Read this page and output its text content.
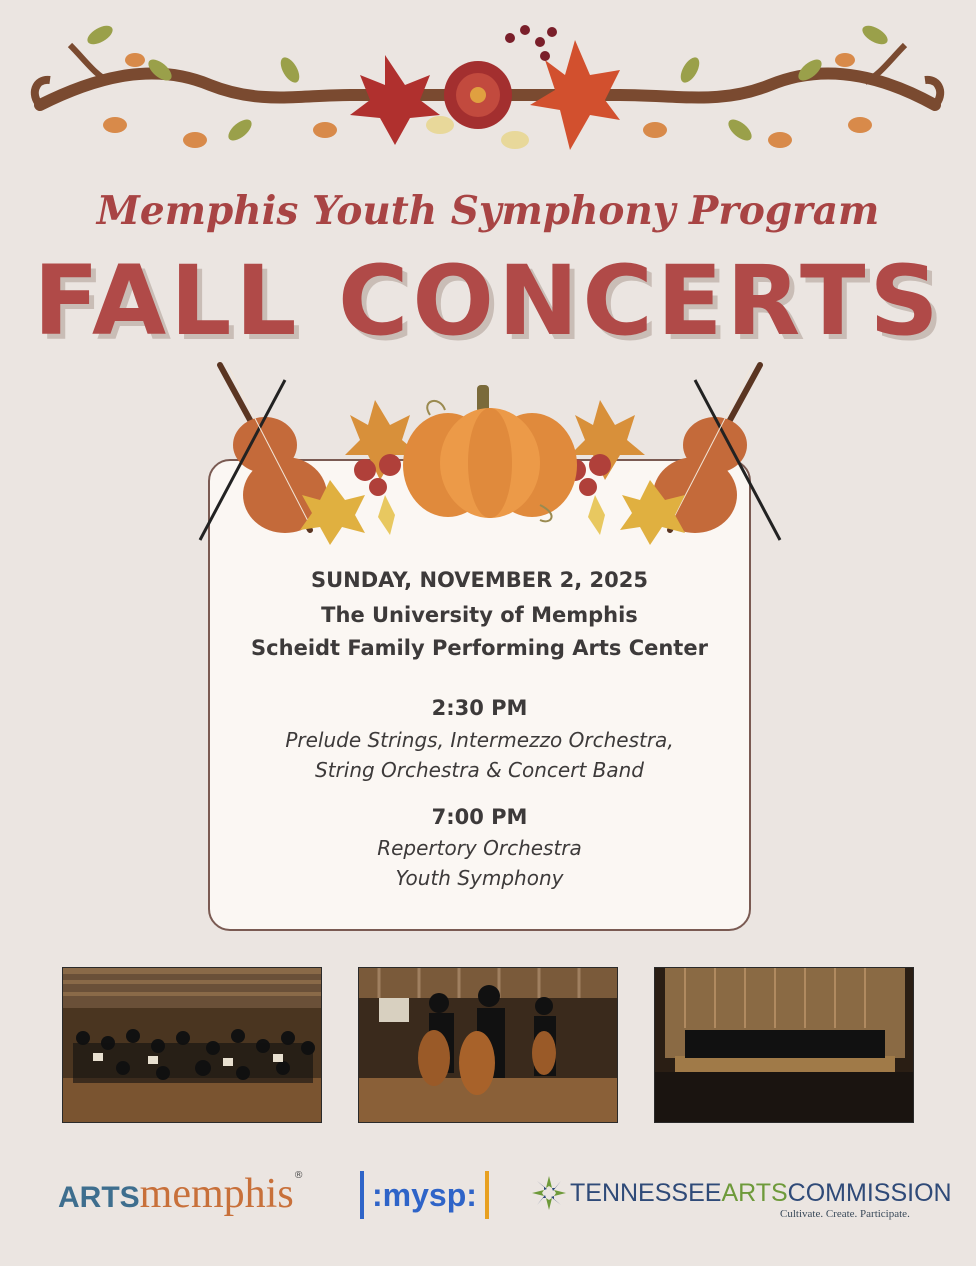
Memphis Youth Symphony Program
FALL CONCERTS
SUNDAY, NOVEMBER 2, 2025
The University of Memphis
Scheidt Family Performing Arts Center
2:30 PM
Prelude Strings, Intermezzo Orchestra,
String Orchestra & Concert Band
7:00 PM
Repertory Orchestra
Youth Symphony
ARTSmemphis®
:mysp:	TENNESSEE ARTS COMMISSION
Cultivate. Create. Participate.
